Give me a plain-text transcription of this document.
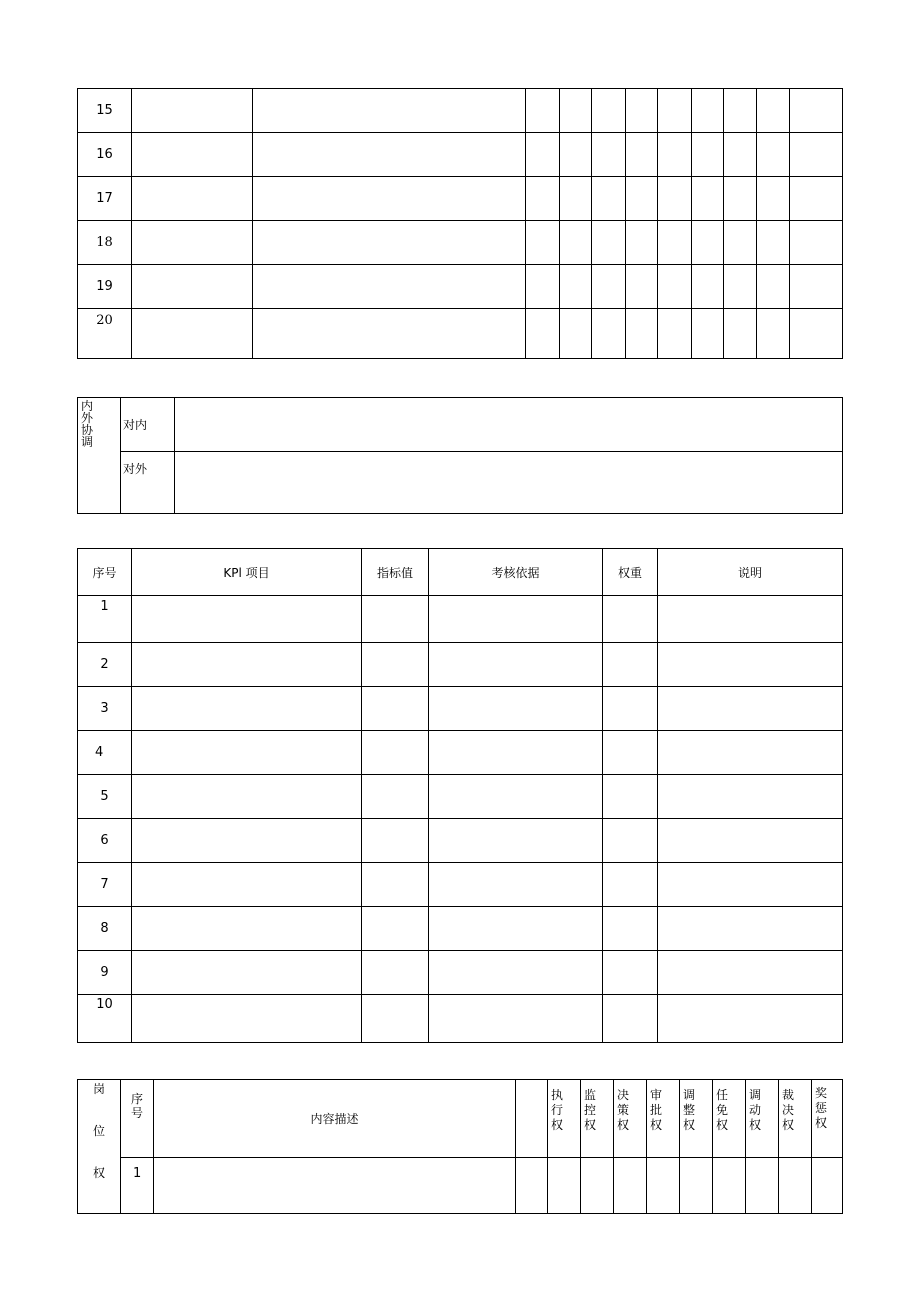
15											
16											
17											
18											
19											
20											
内外协调	对内	
	对外	
序号	KPl 项目	指标值	考核依据	权重	说明
1					
2					
3					
4					
5					
6					
7					
8					
9					
10					
岗
位
权	序号	内容描述		执行权	监控权	决策权	审批权	调整权	任免权	调动权	裁决权	奖惩权

	1											
